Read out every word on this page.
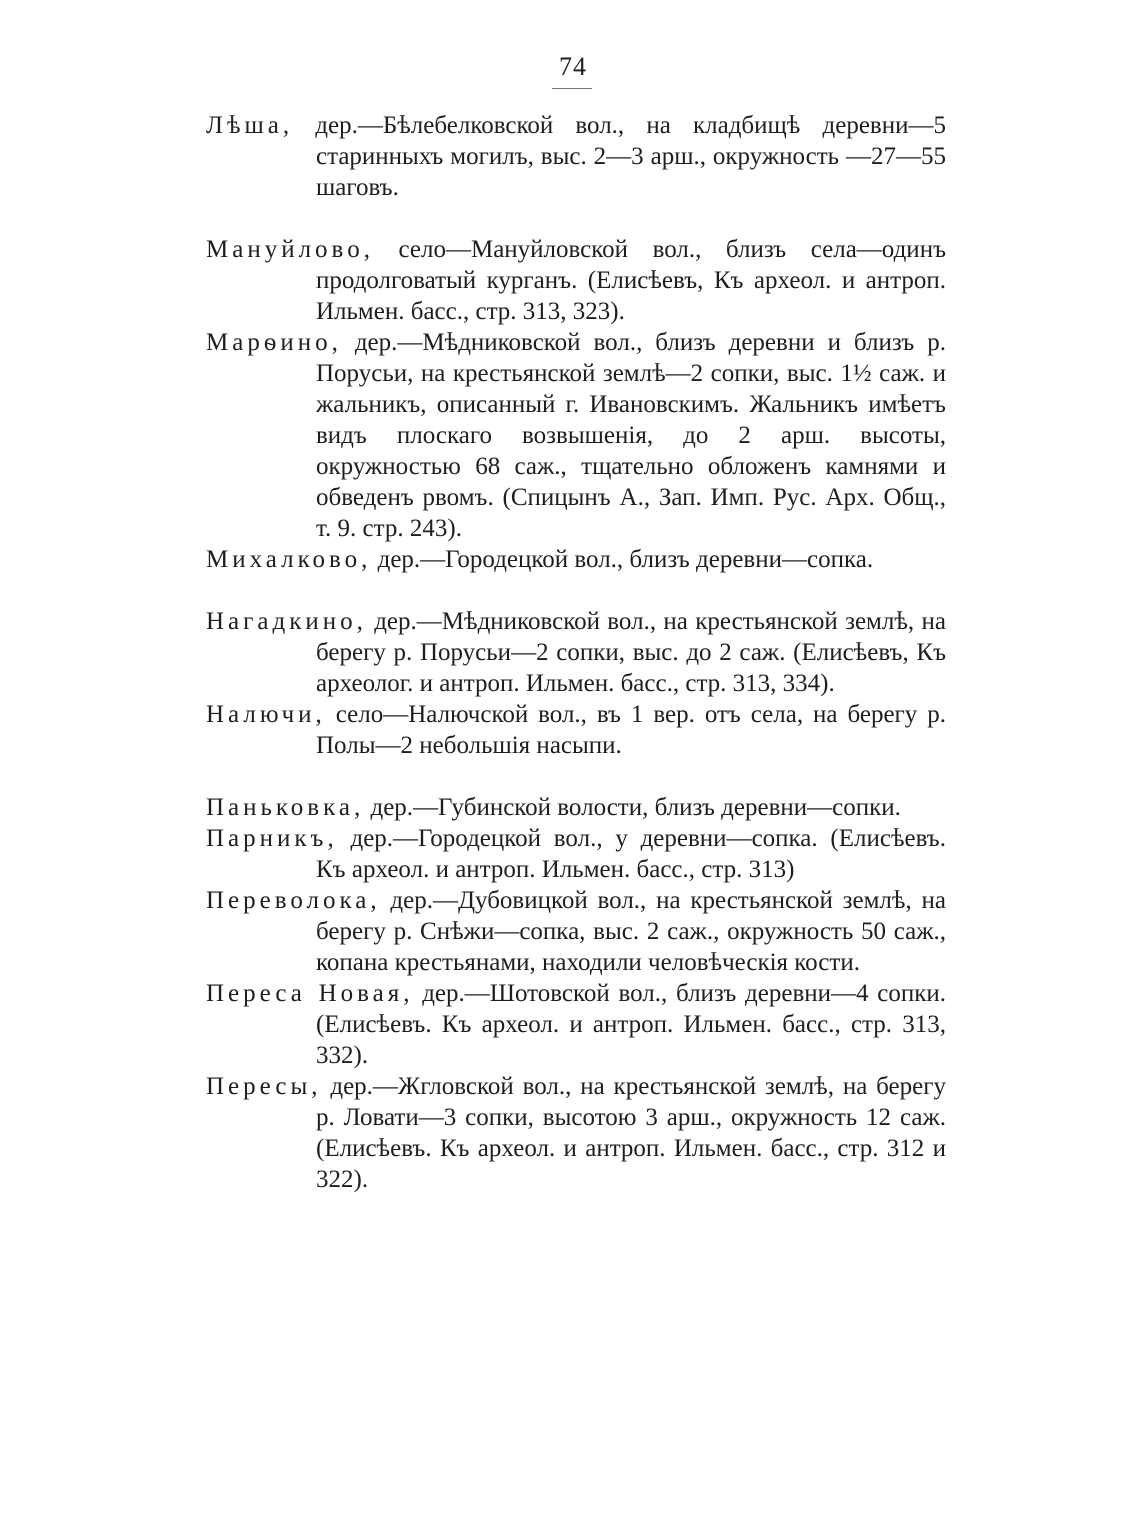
74

Лѣша, дер.—Бѣлебелковской вол., на кладбищѣ деревни—5 старинныхъ могилъ, выс. 2—3 арш., окружность —27—55 шаговъ.

Мануйлово, село—Мануйловской вол., близъ села—одинъ продолговатый курганъ. (Елисѣевъ, Къ археол. и антроп. Ильмен. басс., стр. 313, 323).

Марѳино, дер.—Мѣдниковской вол., близъ деревни и близъ р. Порусьи, на крестьянской землѣ—2 сопки, выс. 1½ саж. и жальникъ, описанный г. Ивановскимъ. Жальникъ имѣетъ видъ плоскаго возвышенія, до 2 арш. высоты, окружностью 68 саж., тщательно обложенъ камнями и обведенъ рвомъ. (Спицынъ А., Зап. Имп. Рус. Арх. Общ., т. 9. стр. 243).

Михалково, дер.—Городецкой вол., близъ деревни—сопка.

Нагадкино, дер.—Мѣдниковской вол., на крестьянской землѣ, на берегу р. Порусьи—2 сопки, выс. до 2 саж. (Елисѣевъ, Къ археолог. и антроп. Ильмен. басс., стр. 313, 334).

Налючи, село—Налючской вол., въ 1 вер. отъ села, на берегу р. Полы—2 небольшія насыпи.

Паньковка, дер.—Губинской волости, близъ деревни—сопки.

Парникъ, дер.—Городецкой вол., у деревни—сопка. (Елисѣевъ. Къ археол. и антроп. Ильмен. басс., стр. 313)

Переволока, дер.—Дубовицкой вол., на крестьянской землѣ, на берегу р. Снѣжи—сопка, выс. 2 саж., окружность 50 саж., копана крестьянами, находили человѣческія кости.

Переса Новая, дер.—Шотовской вол., близъ деревни—4 сопки. (Елисѣевъ. Къ археол. и антроп. Ильмен. басс., стр. 313, 332).

Пересы, дер.—Жгловской вол., на крестьянской землѣ, на берегу р. Ловати—3 сопки, высотою 3 арш., окружность 12 саж. (Елисѣевъ. Къ археол. и антроп. Ильмен. басс., стр. 312 и 322).
